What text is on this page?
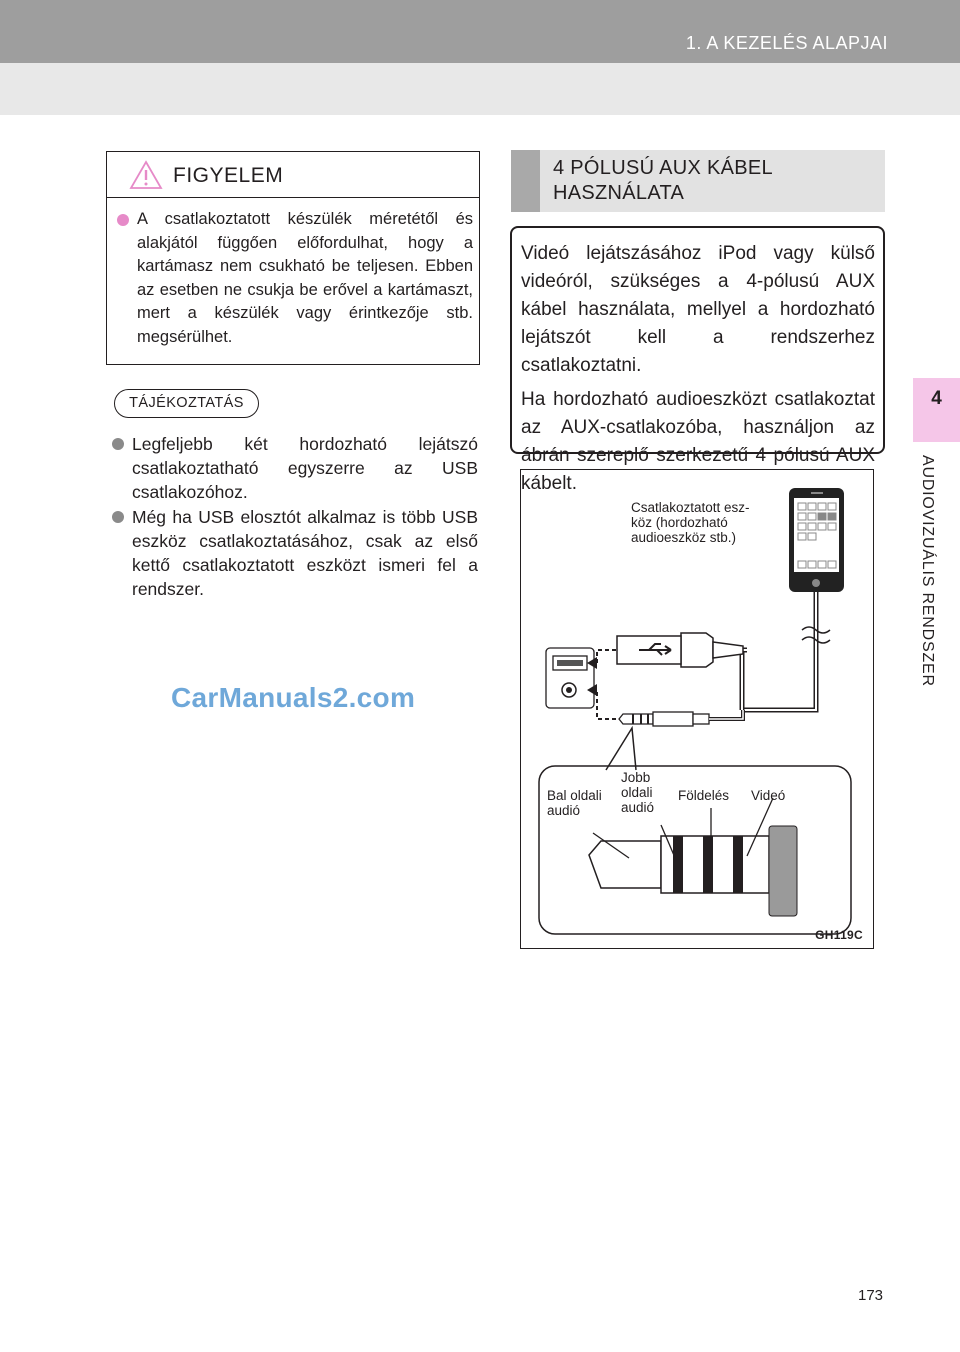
1. A KEZELÉS ALAPJAI
4
AUDIOVIZUÁLIS RENDSZER
FIGYELEM
A csatlakoztatott készülék méretétől és alakjától függően előfordulhat, hogy a kartámasz nem csukható be teljesen. Ebben az esetben ne csukja be erővel a kartámaszt, mert a készülék vagy érintkezője stb. megsérülhet.
TÁJÉKOZTATÁS
Legfeljebb két hordozható lejátszó csatlakoztatható egyszerre az USB csatlakozóhoz.
Még ha USB elosztót alkalmaz is több USB eszköz csatlakoztatásához, csak az első kettő csatlakoztatott eszközt ismeri fel a rendszer.
CarManuals2.com
4 PÓLUSÚ AUX KÁBEL
HASZNÁLATA

Videó lejátszásához iPod vagy külső videóról, szükséges a 4-pólusú AUX kábel használata, mellyel a hordozható lejátszót kell a rendszerhez csatlakoztatni.

Ha hordozható audioeszközt csatlakoztat az AUX-csatlakozóba, használjon az ábrán szereplő szerkezetű 4 pólusú AUX kábelt.

Csatlakoztatott esz-
köz (hordozható
audioeszköz stb.)
Bal oldali
audió
Jobb
oldali
audió
Földelés Videó
GH119C
173
